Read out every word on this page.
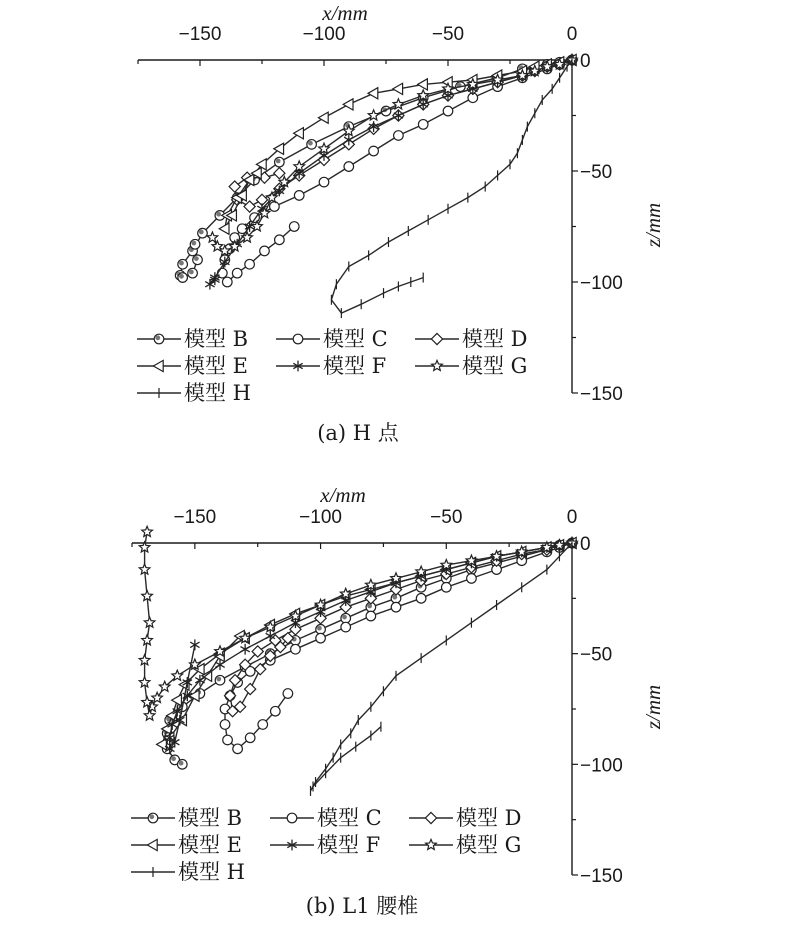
−150	−100	−50	0
0
−50
−100
−150
x/mm
z/mm
模型 B	模型 C	模型 D
模型 E	模型 F	模型 G
模型 H
(a) H 点
−150	−100	−50	0
0
−50
−100
−150
x/mm
z/mm
模型 B	模型 C	模型 D
模型 E	模型 F	模型 G
模型 H
(b) L1 腰椎
